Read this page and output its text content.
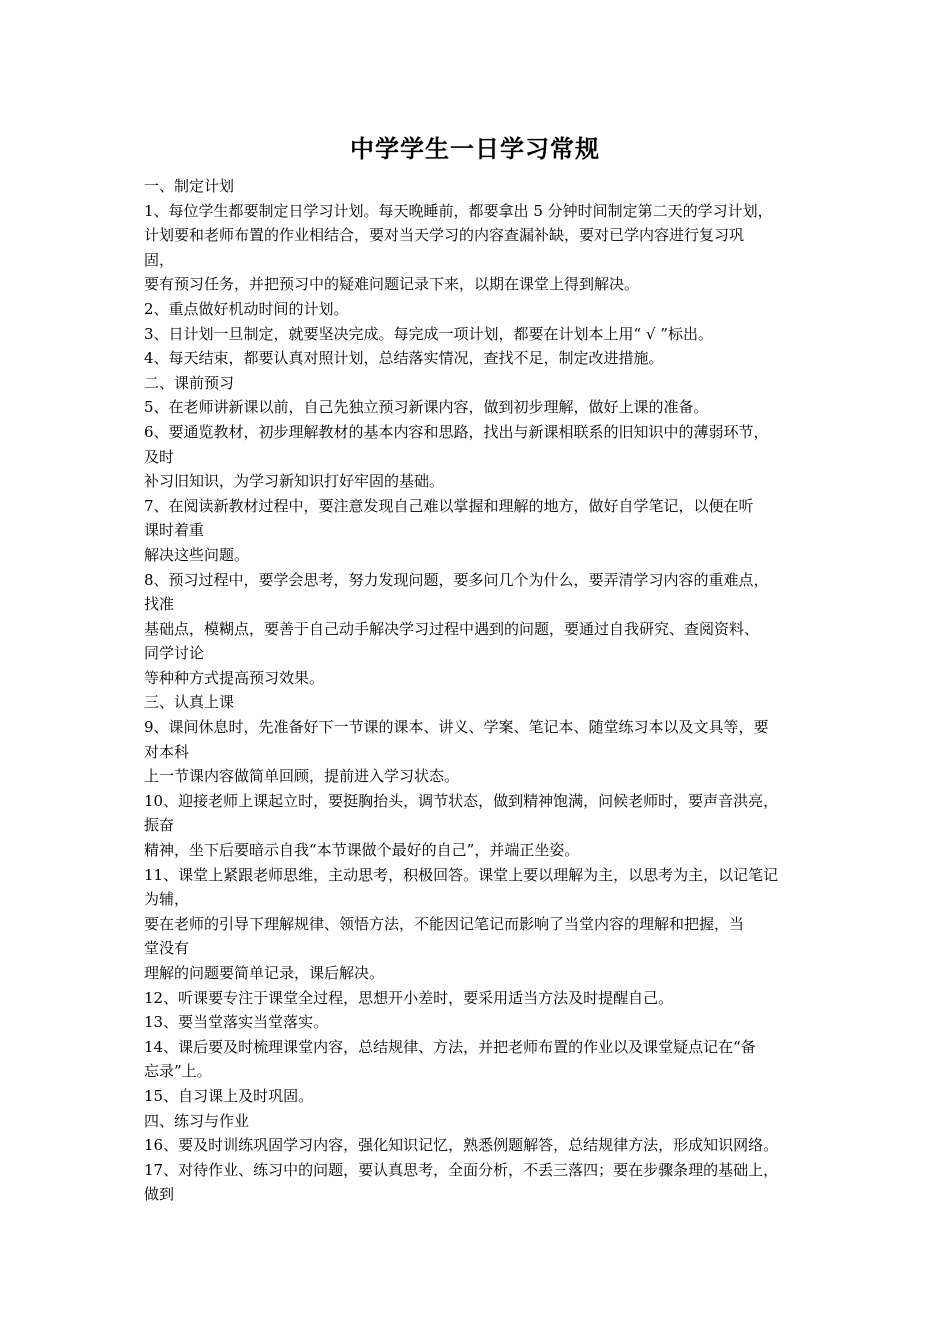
中学学生一日学习常规
一、制定计划
1、每位学生都要制定日学习计划。每天晚睡前，都要拿出 5 分钟时间制定第二天的学习计划，
计划要和老师布置的作业相结合，要对当天学习的内容查漏补缺，要对已学内容进行复习巩
固，
要有预习任务，并把预习中的疑难问题记录下来，以期在课堂上得到解决。
2、重点做好机动时间的计划。
3、日计划一旦制定，就要坚决完成。每完成一项计划，都要在计划本上用“ √ ”标出。
4、每天结束，都要认真对照计划，总结落实情况，查找不足，制定改进措施。
二、课前预习
5、在老师讲新课以前，自己先独立预习新课内容，做到初步理解，做好上课的准备。
6、要通览教材，初步理解教材的基本内容和思路，找出与新课相联系的旧知识中的薄弱环节，
及时
补习旧知识，为学习新知识打好牢固的基础。
7、在阅读新教材过程中，要注意发现自己难以掌握和理解的地方，做好自学笔记，以便在听
课时着重
解决这些问题。
8、预习过程中，要学会思考，努力发现问题，要多问几个为什么，要弄清学习内容的重难点，
找准
基础点，模糊点，要善于自己动手解决学习过程中遇到的问题，要通过自我研究、查阅资料、
同学讨论
等种种方式提高预习效果。
三、认真上课
9、课间休息时，先准备好下一节课的课本、讲义、学案、笔记本、随堂练习本以及文具等，要
对本科
上一节课内容做简单回顾，提前进入学习状态。
10、迎接老师上课起立时，要挺胸抬头，调节状态，做到精神饱满，问候老师时，要声音洪亮，
振奋
精神，坐下后要暗示自我“本节课做个最好的自己”，并端正坐姿。
11、课堂上紧跟老师思维，主动思考，积极回答。课堂上要以理解为主，以思考为主，以记笔记
为辅，
要在老师的引导下理解规律、领悟方法，不能因记笔记而影响了当堂内容的理解和把握，当
堂没有
理解的问题要简单记录，课后解决。
12、听课要专注于课堂全过程，思想开小差时，要采用适当方法及时提醒自己。
13、要当堂落实当堂落实。
14、课后要及时梳理课堂内容，总结规律、方法，并把老师布置的作业以及课堂疑点记在“备
忘录”上。
15、自习课上及时巩固。
四、练习与作业
16、要及时训练巩固学习内容，强化知识记忆，熟悉例题解答，总结规律方法，形成知识网络。
17、对待作业、练习中的问题，要认真思考，全面分析，不丢三落四；要在步骤条理的基础上，
做到
